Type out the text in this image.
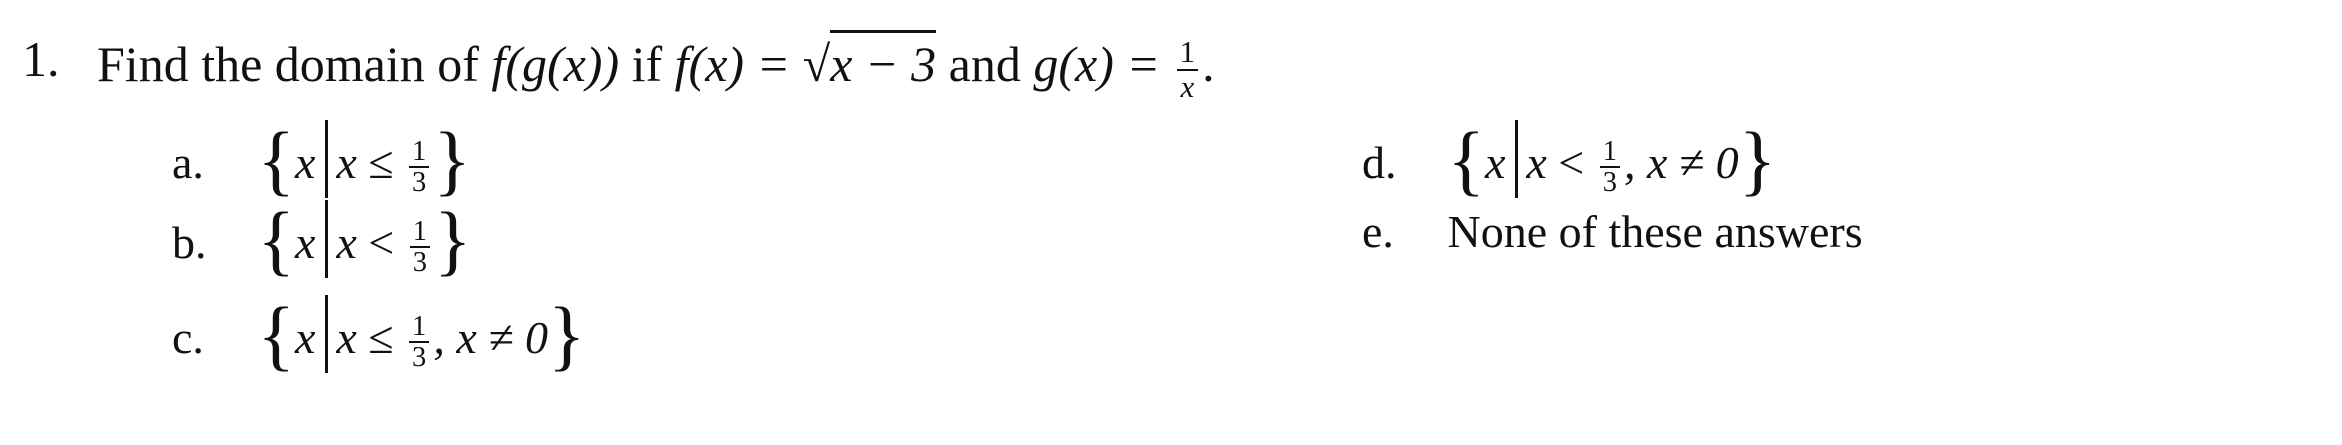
1. Find the domain of f(g(x)) if f(x) = √x − 3 and $g(x) = \frac{1}{x}$ .
a. {x $x \le \frac{1}{3}$ }
b. {x $x < \frac{1}{3}$ }
c. {x $x \le \frac{1}{3}$ , x ≠ 0}
d. {x $x < \frac{1}{3}$ , x ≠ 0}
e. None of these answers
